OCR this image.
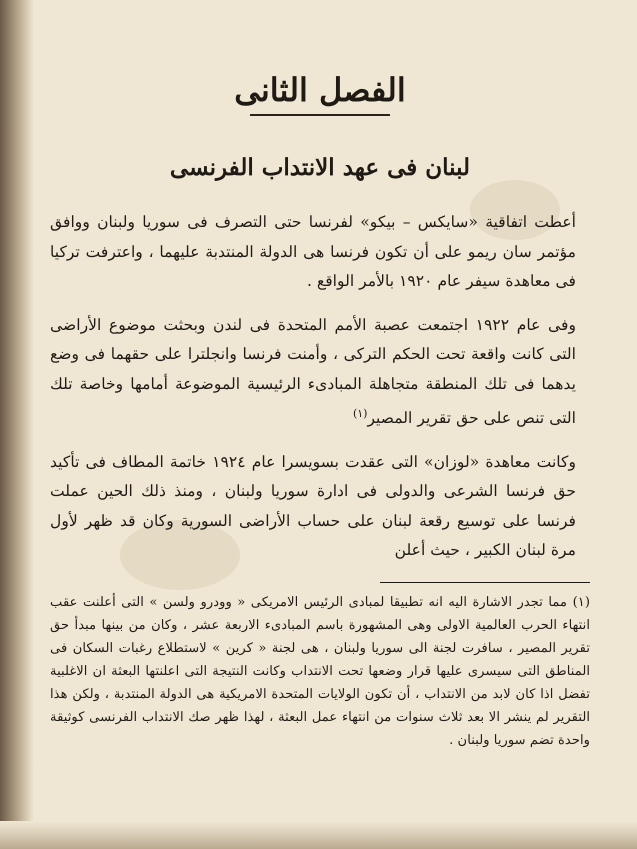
الفصل الثانى
لبنان فى عهد الانتداب الفرنسى

أعطت اتفاقية «سايكس – بيكو» لفرنسا حتى التصرف فى سوريا ولبنان ووافق مؤتمر سان ريمو على أن تكون فرنسا هى الدولة المنتدبة عليهما ، واعترفت تركيا فى معاهدة سيفر عام ١٩٢٠ بالأمر الواقع .

وفى عام ١٩٢٢ اجتمعت عصبة الأمم المتحدة فى لندن وبحثت موضوع الأراضى التى كانت واقعة تحت الحكم التركى ، وأمنت فرنسا وانجلترا على حقهما فى وضع يدهما فى تلك المنطقة متجاهلة المبادىء الرئيسية الموضوعة أمامها وخاصة تلك التى تنص على حق تقرير المصير$^{(١)}$

وكانت معاهدة «لوزان» التى عقدت بسويسرا عام ١٩٢٤ خاتمة المطاف فى تأكيد حق فرنسا الشرعى والدولى فى ادارة سوريا ولبنان ، ومنذ ذلك الحين عملت فرنسا على توسيع رقعة لبنان على حساب الأراضى السورية وكان قد ظهر لأول مرة لبنان الكبير ، حيث أعلن

(١) مما تجدر الاشارة اليه انه تطبيقا لمبادى الرئيس الامريكى « وودرو ولسن » التى أعلنت عقب انتهاء الحرب العالمية الاولى وهى المشهورة باسم المبادىء الاربعة عشر ، وكان من بينها مبدأ حق تقرير المصير ، سافرت لجنة الى سوريا ولبنان ، هى لجنة « كرين » لاستطلاع رغبات السكان فى المناطق التى سيسرى عليها قرار وضعها تحت الانتداب وكانت النتيجة التى اعلنتها البعثة ان الاغلبية تفضل اذا كان لابد من الانتداب ، أن تكون الولايات المتحدة الامريكية هى الدولة المنتدبة ، ولكن هذا التقرير لم ينشر الا بعد ثلاث سنوات من انتهاء عمل البعثة ، لهذا ظهر صك الانتداب الفرنسى كوثيقة واحدة تضم سوريا ولبنان .
